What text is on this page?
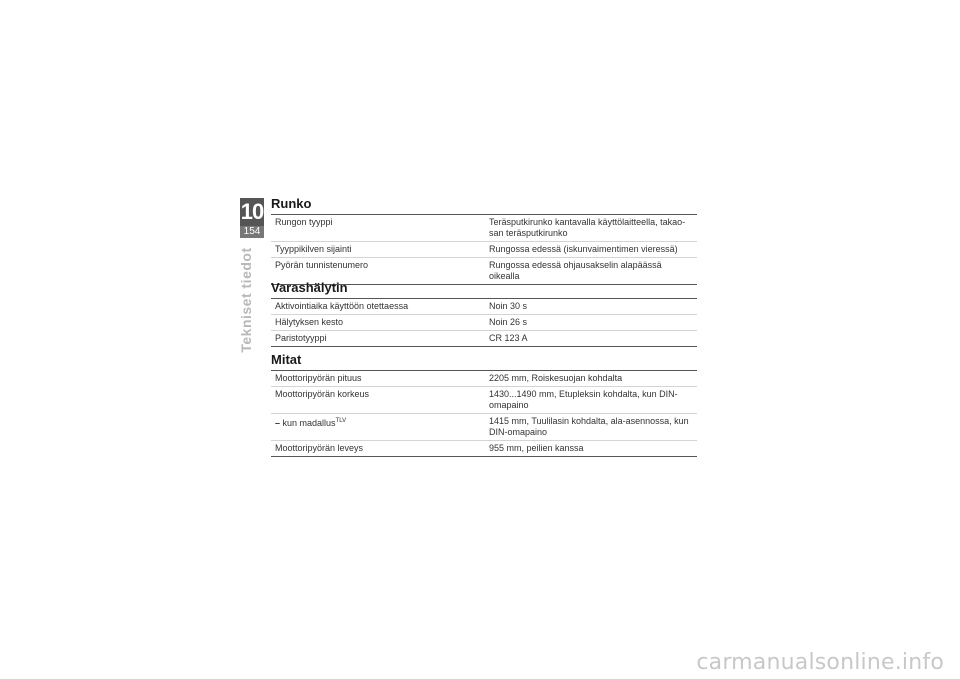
10
154
Tekniset tiedot
Runko
Rungon tyyppi	Teräsputkirunko kantavalla käyttölaitteella, takao-san teräsputkirunko
Tyyppikilven sijainti	Rungossa edessä (iskunvaimentimen vieressä)
Pyörän tunnistenumero	Rungossa edessä ohjausakselin alapäässä oikealla
Varashälytin
Aktivointiaika käyttöön otettaessa	Noin 30 s
Hälytyksen kesto	Noin 26 s
Paristotyyppi	CR 123 A
Mitat
Moottoripyörän pituus	2205 mm, Roiskesuojan kohdalta
Moottoripyörän korkeus	1430...1490 mm, Etupleksin kohdalta, kun DIN-omapaino
– kun madallus$^{TLV}$	1415 mm, Tuulilasin kohdalta, ala-asennossa, kun DIN-omapaino
Moottoripyörän leveys	955 mm, peilien kanssa
carmanualsonline.info
